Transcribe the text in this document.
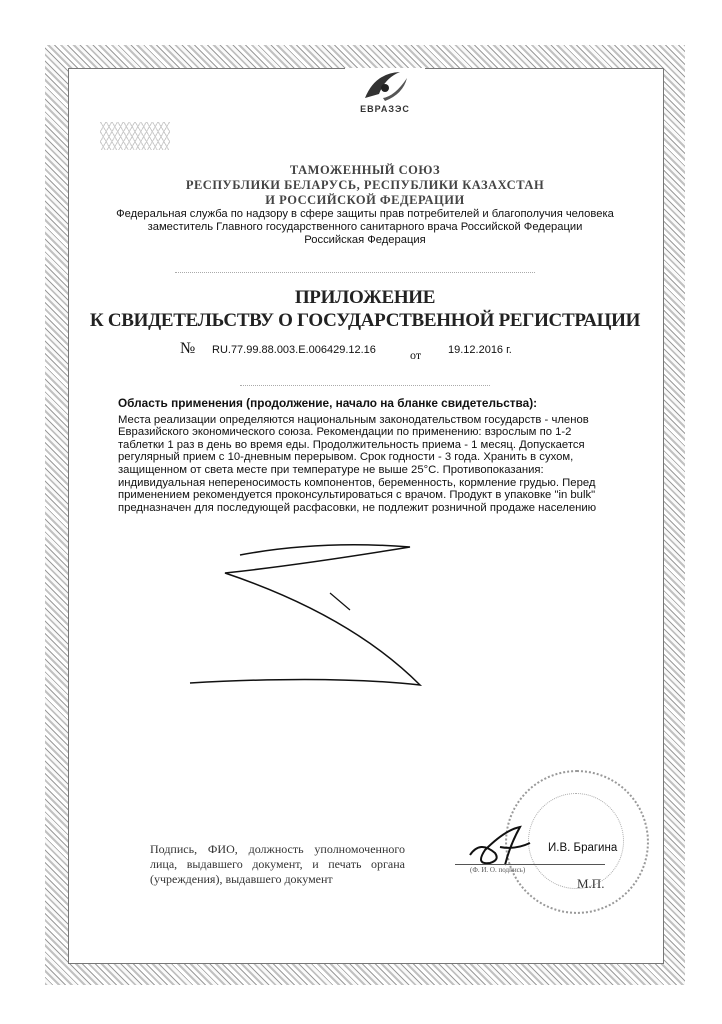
ЕВРАЗЭС
ТАМОЖЕННЫЙ СОЮЗ
РЕСПУБЛИКИ БЕЛАРУСЬ, РЕСПУБЛИКИ КАЗАХСТАН
И РОССИЙСКОЙ ФЕДЕРАЦИИ
Федеральная служба по надзору в сфере защиты прав потребителей и благополучия человека
заместитель Главного государственного санитарного врача Российской Федерации
Российская Федерация
ПРИЛОЖЕНИЕ
К СВИДЕТЕЛЬСТВУ О ГОСУДАРСТВЕННОЙ РЕГИСТРАЦИИ
№ RU.77.99.88.003.Е.006429.12.16	от 19.12.2016 г.
Область применения (продолжение, начало на бланке свидетельства):
Места реализации определяются национальным законодательством государств - членов Евразийского экономического союза. Рекомендации по применению: взрослым по 1-2 таблетки 1 раз в день во время еды. Продолжительность приема - 1 месяц. Допускается регулярный прием с 10-дневным перерывом. Срок годности - 3 года. Хранить в сухом, защищенном от света месте при температуре не выше 25°С. Противопоказания: индивидуальная непереносимость компонентов, беременность, кормление грудью. Перед применением рекомендуется проконсультироваться с врачом. Продукт в упаковке "in bulk" предназначен для последующей расфасовки, не подлежит розничной продаже населению
Подпись, ФИО, должность уполномоченного лица, выдавшего документ, и печать органа (учреждения), выдавшего документ
И.В. Брагина
(Ф. И. О. подпись)
М.П.
